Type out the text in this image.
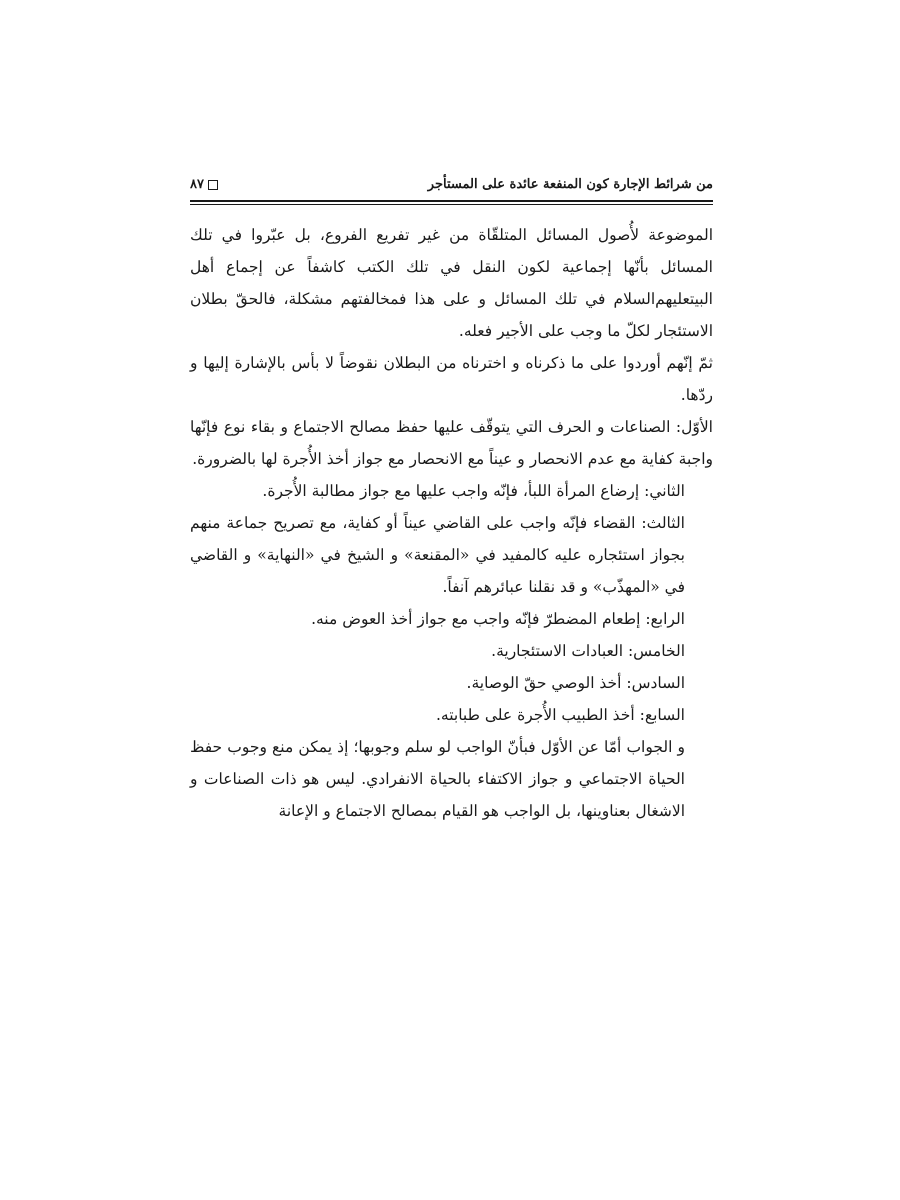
من شرائط الإجارة كون المنفعة عائدة على المستأجر
٨٧

الموضوعة لأُصول المسائل المتلقّاة من غير تفريع الفروع، بل عبّروا في تلك المسائل بأنّها إجماعية لكون النقل في تلك الكتب كاشفاً عن إجماع أهل البيتعليهم‌السلام في تلك المسائل و على هذا فمخالفتهم مشكلة، فالحقّ بطلان الاستئجار لكلّ ما وجب على الأجير فعله.

ثمّ إنّهم أوردوا على ما ذكرناه و اخترناه من البطلان نقوضاً لا بأس بالإشارة إليها و ردّها.

الأوّل: الصناعات و الحرف التي يتوقّف عليها حفظ مصالح الاجتماع و بقاء نوع فإنّها واجبة كفاية مع عدم الانحصار و عيناً مع الانحصار مع جواز أخذ الأُجرة لها بالضرورة.

الثاني: إرضاع المرأة اللبأ، فإنّه واجب عليها مع جواز مطالبة الأُجرة.

الثالث: القضاء فإنّه واجب على القاضي عيناً أو كفاية، مع تصريح جماعة منهم بجواز استئجاره عليه كالمفيد في «المقنعة» و الشيخ في «النهاية» و القاضي في «المهذّب» و قد نقلنا عبائرهم آنفاً.

الرابع: إطعام المضطرّ فإنّه واجب مع جواز أخذ العوض منه.

الخامس: العبادات الاستئجارية.

السادس: أخذ الوصي حقّ الوصاية.

السابع: أخذ الطبيب الأُجرة على طبابته.

و الجواب أمّا عن الأوّل فبأنّ الواجب لو سلم وجوبها؛ إذ يمكن منع وجوب حفظ الحياة الاجتماعي و جواز الاكتفاء بالحياة الانفرادي. ليس هو ذات الصناعات و الاشغال بعناوينها، بل الواجب هو القيام بمصالح الاجتماع و الإعانة
